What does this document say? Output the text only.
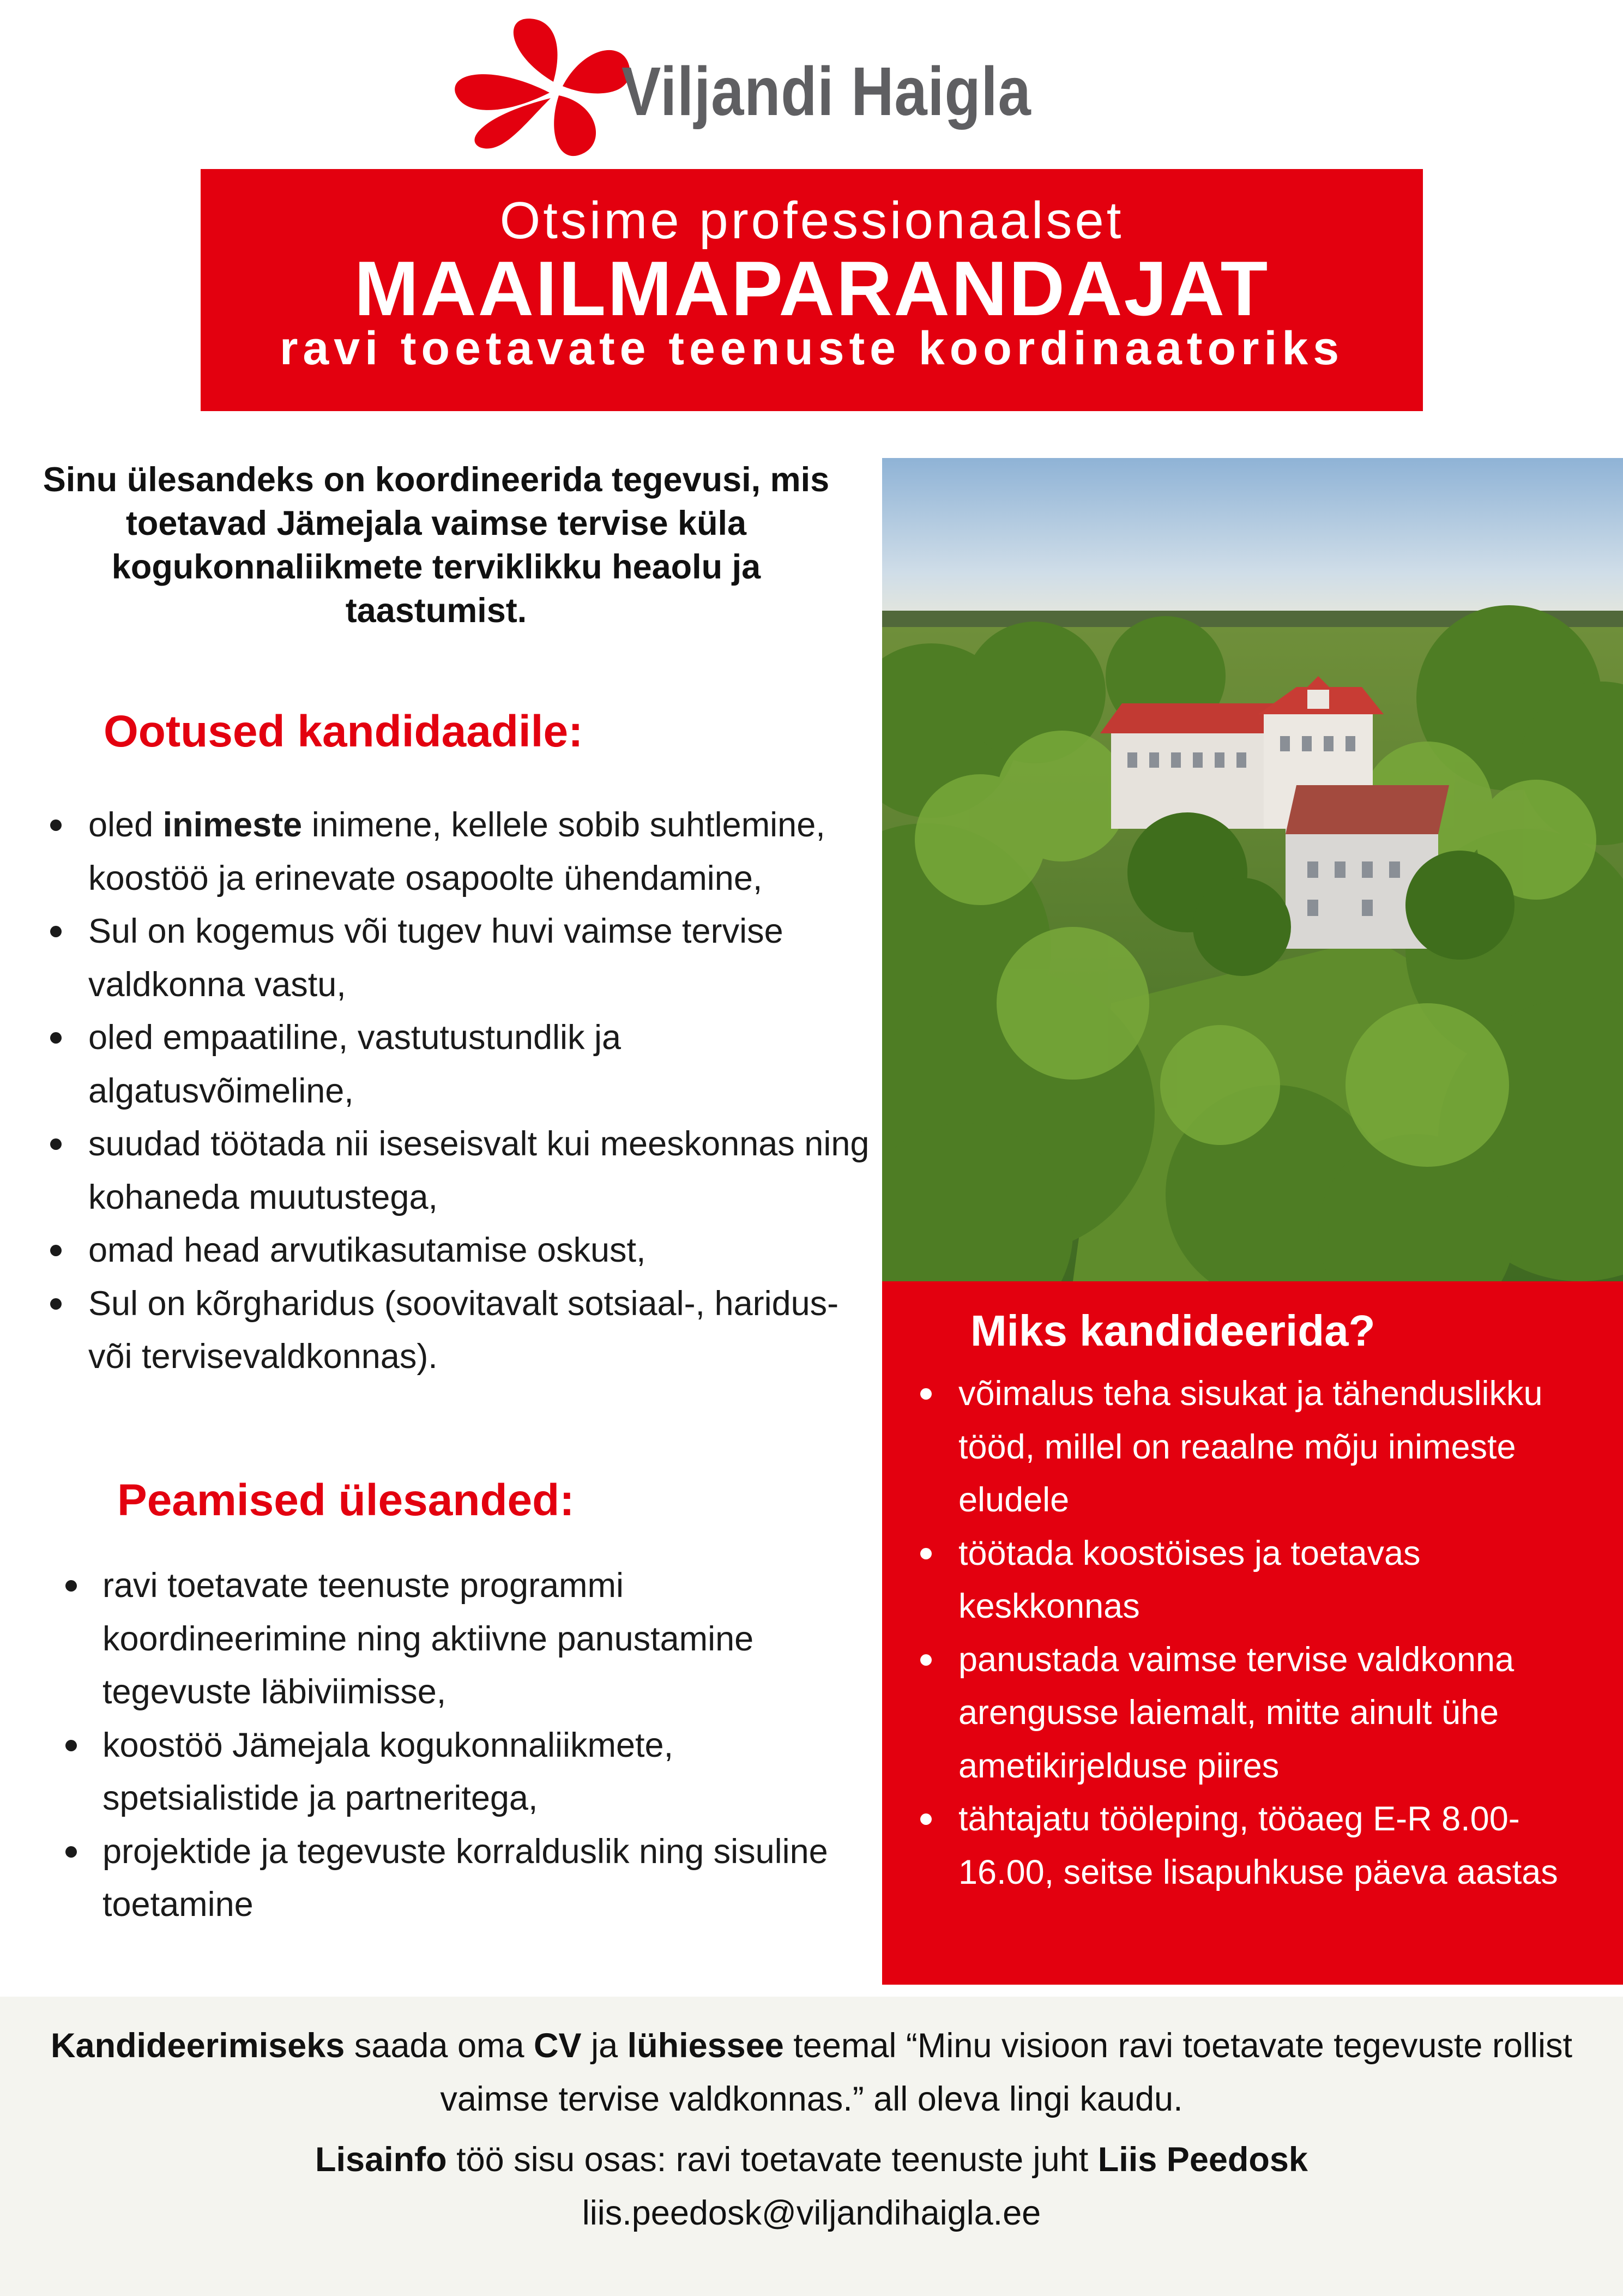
Viljandi Haigla
Otsime professionaalset
MAAILMAPARANDAJAT
ravi toetavate teenuste koordinaatoriks
Sinu ülesandeks on koordineerida tegevusi, mis toetavad Jämejala vaimse tervise küla kogukonnaliikmete terviklikku heaolu ja taastumist.
Ootused kandidaadile:
oled inimeste inimene, kellele sobib suhtlemine, koostöö ja erinevate osapoolte ühendamine,
Sul on kogemus või tugev huvi vaimse tervise valdkonna vastu,
oled empaatiline, vastutustundlik ja algatusvõimeline,
suudad töötada nii iseseisvalt kui meeskonnas ning kohaneda muutustega,
omad head arvutikasutamise oskust,
Sul on kõrgharidus (soovitavalt sotsiaal-, haridus- või tervisevaldkonnas).
Peamised ülesanded:
ravi toetavate teenuste programmi koordineerimine ning aktiivne panustamine tegevuste läbiviimisse,
koostöö Jämejala kogukonnaliikmete, spetsialistide ja partneritega,
projektide ja tegevuste korralduslik ning sisuline toetamine
Miks kandideerida?
võimalus teha sisukat ja tähenduslikku tööd, millel on reaalne mõju inimeste eludele
töötada koostöises ja toetavas keskkonnas
panustada vaimse tervise valdkonna arengusse laiemalt, mitte ainult ühe ametikirjelduse piires
tähtajatu tööleping, tööaeg E-R 8.00-16.00, seitse lisapuhkuse päeva aastas
Kandideerimiseks saada oma CV ja lühiessee teemal “Minu visioon ravi toetavate tegevuste rollist vaimse tervise valdkonnas.” all oleva lingi kaudu.
Lisainfo töö sisu osas: ravi toetavate teenuste juht Liis Peedosk
liis.peedosk@viljandihaigla.ee
